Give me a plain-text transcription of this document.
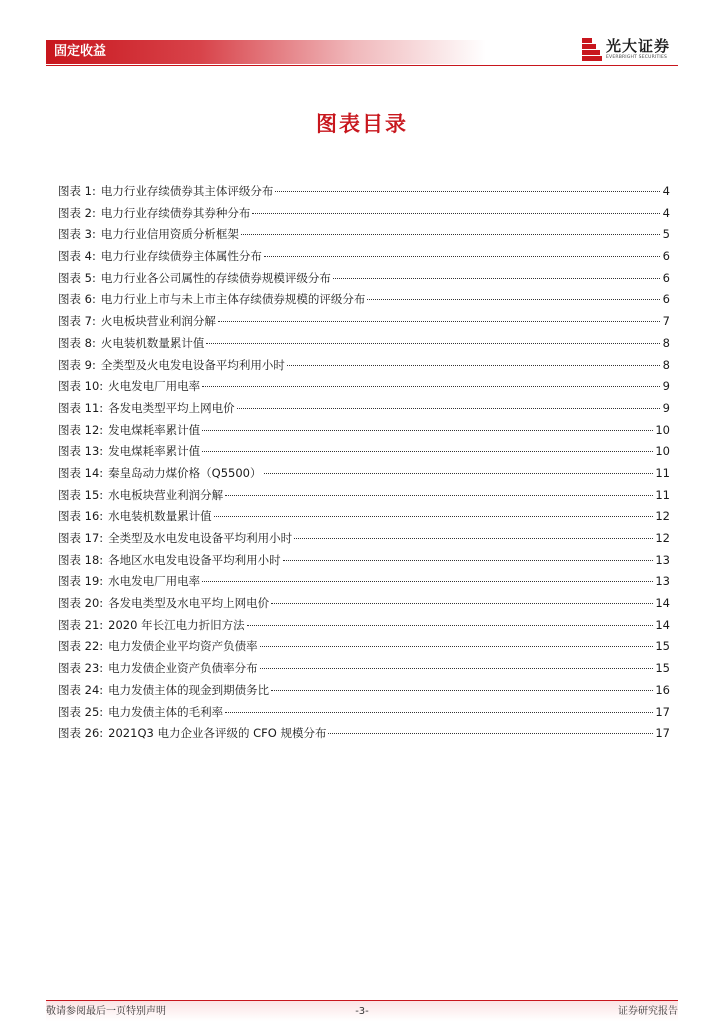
固定收益	光大证券
EVERBRIGHT SECURITIES
图表目录
图表 1: 电力行业存续债券其主体评级分布	4
图表 2: 电力行业存续债券其券种分布	4
图表 3: 电力行业信用资质分析框架	5
图表 4: 电力行业存续债券主体属性分布	6
图表 5: 电力行业各公司属性的存续债券规模评级分布	6
图表 6: 电力行业上市与未上市主体存续债券规模的评级分布	6
图表 7: 火电板块营业利润分解	7
图表 8: 火电装机数量累计值	8
图表 9: 全类型及火电发电设备平均利用小时	8
图表 10: 火电发电厂用电率	9
图表 11: 各发电类型平均上网电价	9
图表 12: 发电煤耗率累计值	10
图表 13: 发电煤耗率累计值	10
图表 14: 秦皇岛动力煤价格（Q5500）	11
图表 15: 水电板块营业利润分解	11
图表 16: 水电装机数量累计值	12
图表 17: 全类型及水电发电设备平均利用小时	12
图表 18: 各地区水电发电设备平均利用小时	13
图表 19: 水电发电厂用电率	13
图表 20: 各发电类型及水电平均上网电价	14
图表 21: 2020 年长江电力折旧方法	14
图表 22: 电力发债企业平均资产负债率	15
图表 23: 电力发债企业资产负债率分布	15
图表 24: 电力发债主体的现金到期债务比	16
图表 25: 电力发债主体的毛利率	17
图表 26: 2021Q3 电力企业各评级的 CFO 规模分布	17
敬请参阅最后一页特别声明	-3-	证券研究报告
